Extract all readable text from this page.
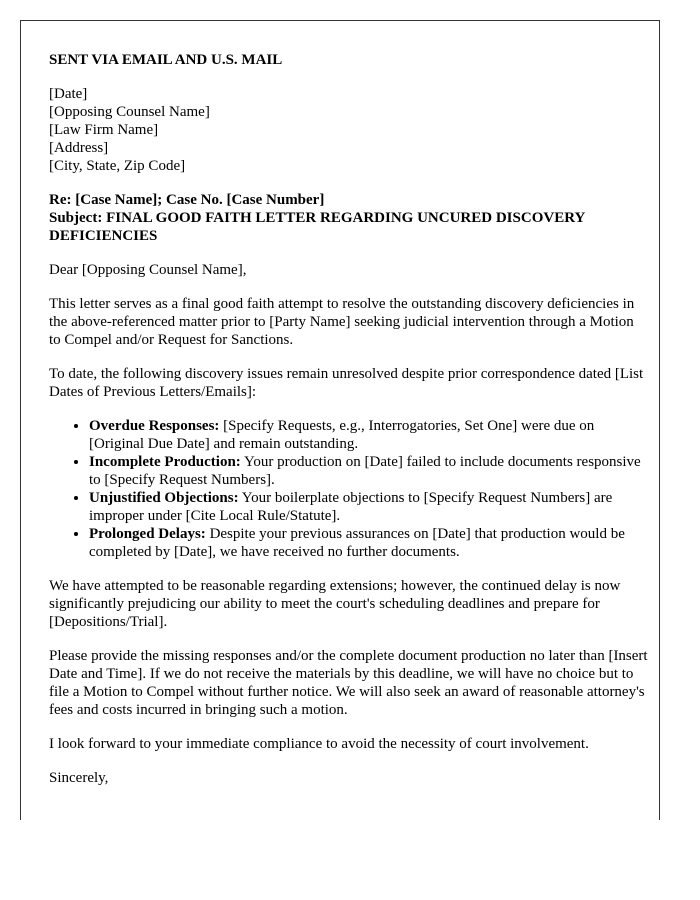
SENT VIA EMAIL AND U.S. MAIL
[Date]
[Opposing Counsel Name]
[Law Firm Name]
[Address]
[City, State, Zip Code]
Re: [Case Name]; Case No. [Case Number]
Subject: FINAL GOOD FAITH LETTER REGARDING UNCURED DISCOVERY DEFICIENCIES

Dear [Opposing Counsel Name],

This letter serves as a final good faith attempt to resolve the outstanding discovery deficiencies in the above-referenced matter prior to [Party Name] seeking judicial intervention through a Motion to Compel and/or Request for Sanctions.

To date, the following discovery issues remain unresolved despite prior correspondence dated [List Dates of Previous Letters/Emails]:

• Overdue Responses: [Specify Requests, e.g., Interrogatories, Set One] were due on [Original Due Date] and remain outstanding.
• Incomplete Production: Your production on [Date] failed to include documents responsive to [Specify Request Numbers].
• Unjustified Objections: Your boilerplate objections to [Specify Request Numbers] are improper under [Cite Local Rule/Statute].
• Prolonged Delays: Despite your previous assurances on [Date] that production would be completed by [Date], we have received no further documents.

We have attempted to be reasonable regarding extensions; however, the continued delay is now significantly prejudicing our ability to meet the court's scheduling deadlines and prepare for [Depositions/Trial].

Please provide the missing responses and/or the complete document production no later than [Insert Date and Time]. If we do not receive the materials by this deadline, we will have no choice but to file a Motion to Compel without further notice. We will also seek an award of reasonable attorney's fees and costs incurred in bringing such a motion.

I look forward to your immediate compliance to avoid the necessity of court involvement.

Sincerely,
